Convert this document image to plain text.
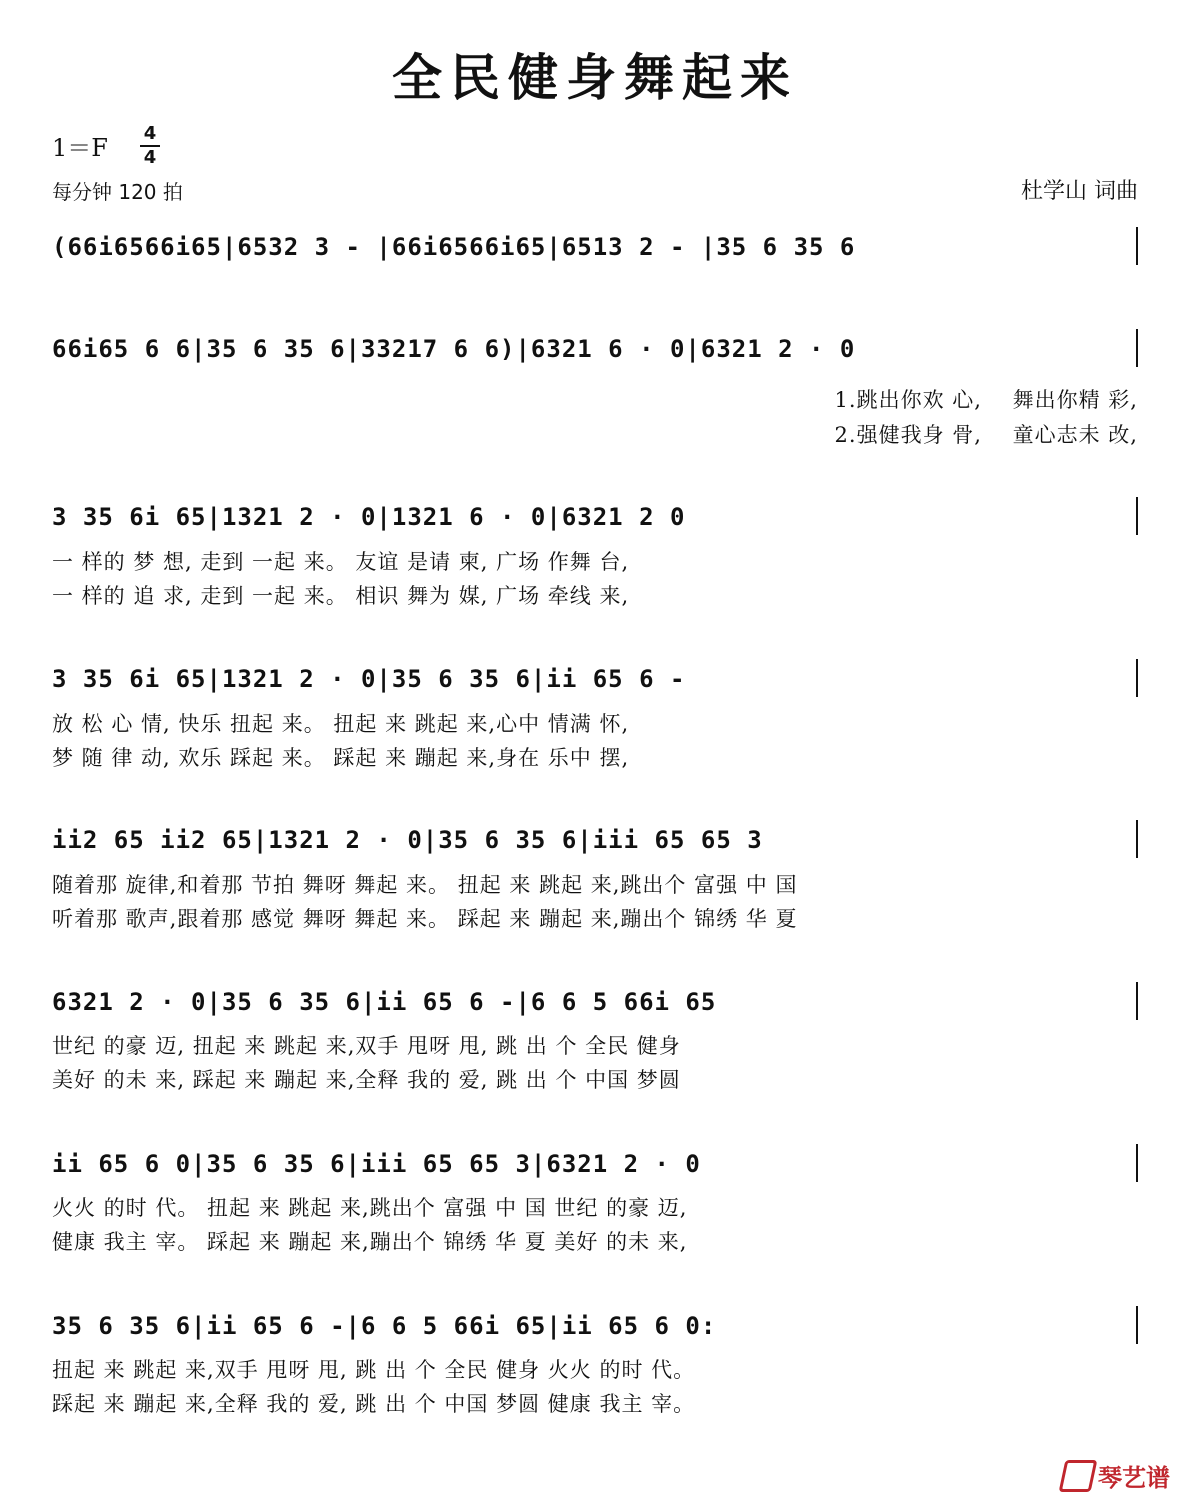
全民健身舞起来
1＝F
4
4
每分钟 120 拍	杜学山 词曲

(66i6566i65|6532 3 - |66i6566i65|6513 2 - |35 6 35 6

66i65 6 6|35 6 35 6|33217 6 6)|6321 6 · 0|6321 2 · 0

1.跳出你欢 心,    舞出你精 彩,
2.强健我身 骨,    童心志未 改,

3 35 6i 65|1321 2 · 0|1321 6 · 0|6321 2 0

一 样的 梦 想, 走到 一起 来。 友谊 是请 柬, 广场 作舞 台,
一 样的 追 求, 走到 一起 来。 相识 舞为 媒, 广场 牵线 来,

3 35 6i 65|1321 2 · 0|35 6 35 6|ii 65 6 -

放 松 心 情, 快乐 扭起 来。 扭起 来 跳起 来,心中 情满 怀,
梦 随 律 动, 欢乐 踩起 来。 踩起 来 蹦起 来,身在 乐中 摆,

ii2 65 ii2 65|1321 2 · 0|35 6 35 6|iii 65 65 3

随着那 旋律,和着那 节拍 舞呀 舞起 来。 扭起 来 跳起 来,跳出个 富强 中 国
听着那 歌声,跟着那 感觉 舞呀 舞起 来。 踩起 来 蹦起 来,蹦出个 锦绣 华 夏

6321 2 · 0|35 6 35 6|ii 65 6 -|6 6 5 66i 65

世纪 的豪 迈, 扭起 来 跳起 来,双手 甩呀 甩, 跳 出 个 全民 健身
美好 的未 来, 踩起 来 蹦起 来,全释 我的 爱, 跳 出 个 中国 梦圆

ii 65 6 0|35 6 35 6|iii 65 65 3|6321 2 · 0

火火 的时 代。 扭起 来 跳起 来,跳出个 富强 中 国 世纪 的豪 迈,
健康 我主 宰。 踩起 来 蹦起 来,蹦出个 锦绣 华 夏 美好 的未 来,

35 6 35 6|ii 65 6 -|6 6 5 66i 65|ii 65 6 0:

扭起 来 跳起 来,双手 甩呀 甩, 跳 出 个 全民 健身 火火 的时 代。
踩起 来 蹦起 来,全释 我的 爱, 跳 出 个 中国 梦圆 健康 我主 宰。
琴艺谱
